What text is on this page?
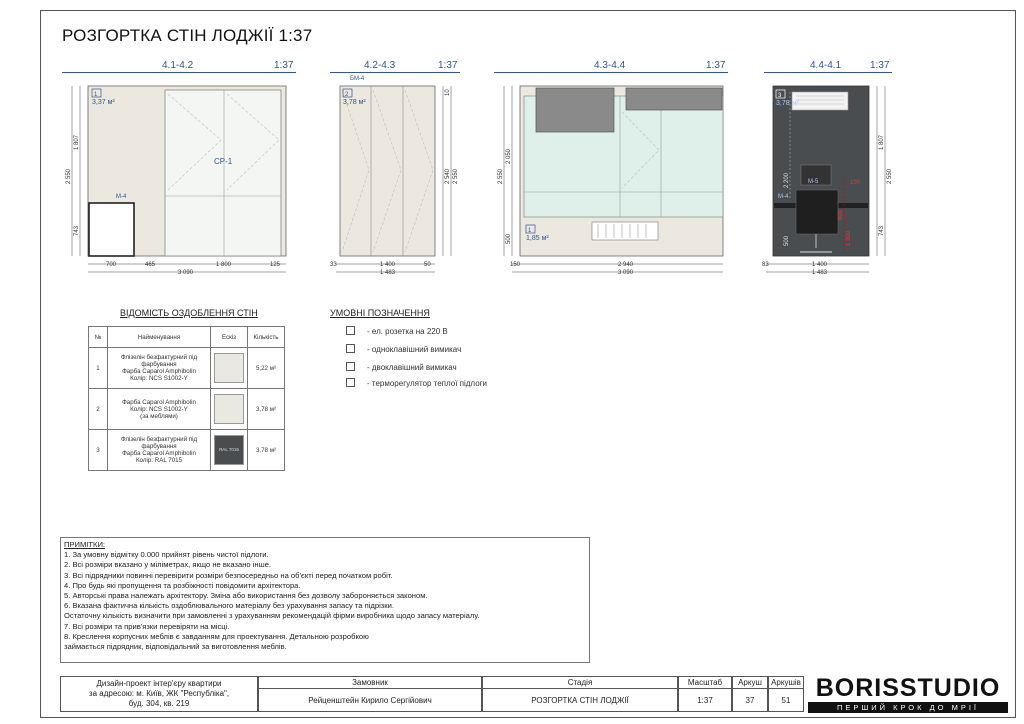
РОЗГОРТКА СТІН ЛОДЖІЇ 1:37
4.1-4.2	1:37	4.2-4.3	1:37	4.3-4.4	1:37	4.4-4.1	1:37
1
3,37 м²
СР-1
М-4
700	465	1 800	125
3 090
2 550
1 807
743
2
3,78 м²
БМ-4
33	1 400	50
1 483
2 540 2 550
10
1
1,85 м²
150	2 940
3 090
2 550
2 050
500
3
3,78 м²
М-5
М-4
100
1 300
2 200
600
500
83	1 400
1 483
1 807
2 550
743
ВІДОМІСТЬ ОЗДОБЛЕННЯ СТІН
№	Найменування	Ескіз	Кількість
1	Флізелін безфактурний під
фарбування
Фарба Caparol Amphibolin
Колір: NCS S1002-Y		5,22 м²
2	Фарба Caparol Amphibolin
Колір: NCS S1002-Y
(за меблями)		3,78 м²
3	Флізелін безфактурний під
фарбування
Фарба Caparol Amphibolin
Колір: RAL 7015	RAL 7015	3,78 м²
УМОВНІ ПОЗНАЧЕННЯ
- ел. розетка на 220 В
- одноклавішний вимикач
- двоклавішний вимикач
- терморегулятор теплої підлоги
ПРИМІТКИ:
1. За умовну відмітку 0.000 прийнят рівень чистої підлоги.
2. Всі розміри вказано у міліметрах, якщо не вказано інше.
3. Всі підрядники повинні перевірити розміри безпосередньо на об'єкті перед початком робіт.
4. Про будь які пропущення та розбіжності повідомити архітектора.
5. Авторські права належать архітектору. Зміна або використання без дозволу забороняється законом.
6. Вказана фактична кількість оздоблювального матеріалу без урахування запасу та підрізки.
Остаточну кількість визначити при замовленні з урахуванням рекомендацій фірми виробника щодо запасу матеріалу.
7. Всі розміри та прив'язки перевіряти на місці.
8. Креслення корпусних меблів є завданням для проектування. Детальною розробкою
займається підрядник, відповідальний за виготовлення меблів.
Дизайн-проект інтер'єру квартири
за адресою: м. Київ, ЖК "Республіка",
буд. 304, кв. 219
Замовник
Рейценштейн Кирило Сергійович
Стадія
РОЗГОРТКА СТІН ЛОДЖІЇ
Масштаб
1:37
Аркуш
37
Аркушів
51	BORISSTUDIO
ПЕРШИЙ КРОК ДО МРІЇ
